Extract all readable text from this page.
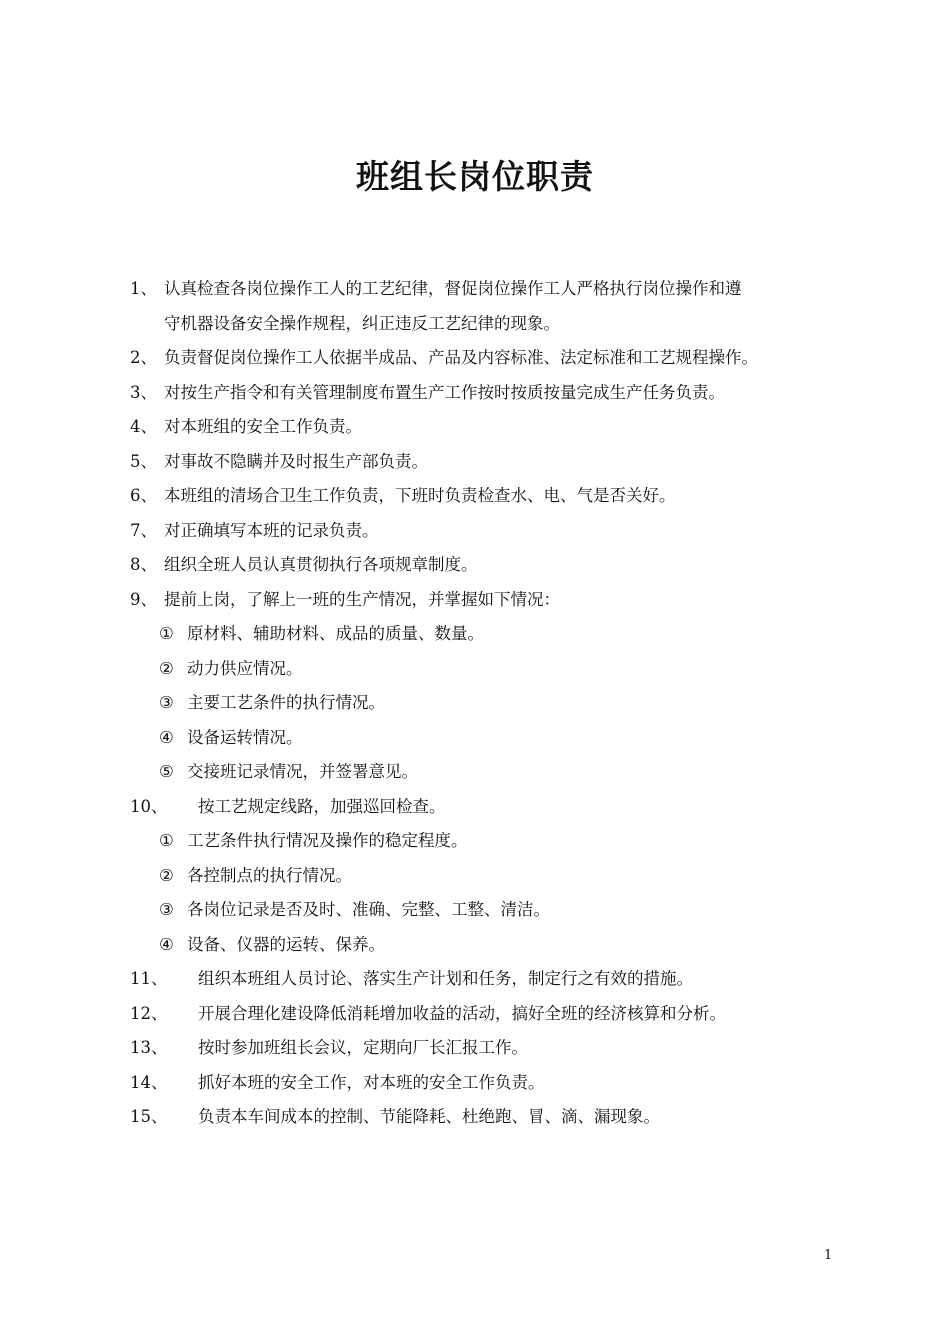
班组长岗位职责
1、 认真检查各岗位操作工人的工艺纪律，督促岗位操作工人严格执行岗位操作和遵
守机器设备安全操作规程，纠正违反工艺纪律的现象。
2、 负责督促岗位操作工人依据半成品、产品及内容标准、法定标准和工艺规程操作。
3、 对按生产指令和有关管理制度布置生产工作按时按质按量完成生产任务负责。
4、 对本班组的安全工作负责。
5、 对事故不隐瞒并及时报生产部负责。
6、 本班组的清场合卫生工作负责，下班时负责检查水、电、气是否关好。
7、 对正确填写本班的记录负责。
8、 组织全班人员认真贯彻执行各项规章制度。
9、 提前上岗，了解上一班的生产情况，并掌握如下情况：
① 原材料、辅助材料、成品的质量、数量。
② 动力供应情况。
③ 主要工艺条件的执行情况。
④ 设备运转情况。
⑤ 交接班记录情况，并签署意见。
10、 按工艺规定线路，加强巡回检查。
① 工艺条件执行情况及操作的稳定程度。
② 各控制点的执行情况。
③ 各岗位记录是否及时、准确、完整、工整、清洁。
④ 设备、仪器的运转、保养。
11、 组织本班组人员讨论、落实生产计划和任务，制定行之有效的措施。
12、 开展合理化建设降低消耗增加收益的活动，搞好全班的经济核算和分析。
13、 按时参加班组长会议，定期向厂长汇报工作。
14、 抓好本班的安全工作，对本班的安全工作负责。
15、 负责本车间成本的控制、节能降耗、杜绝跑、冒、滴、漏现象。
1
